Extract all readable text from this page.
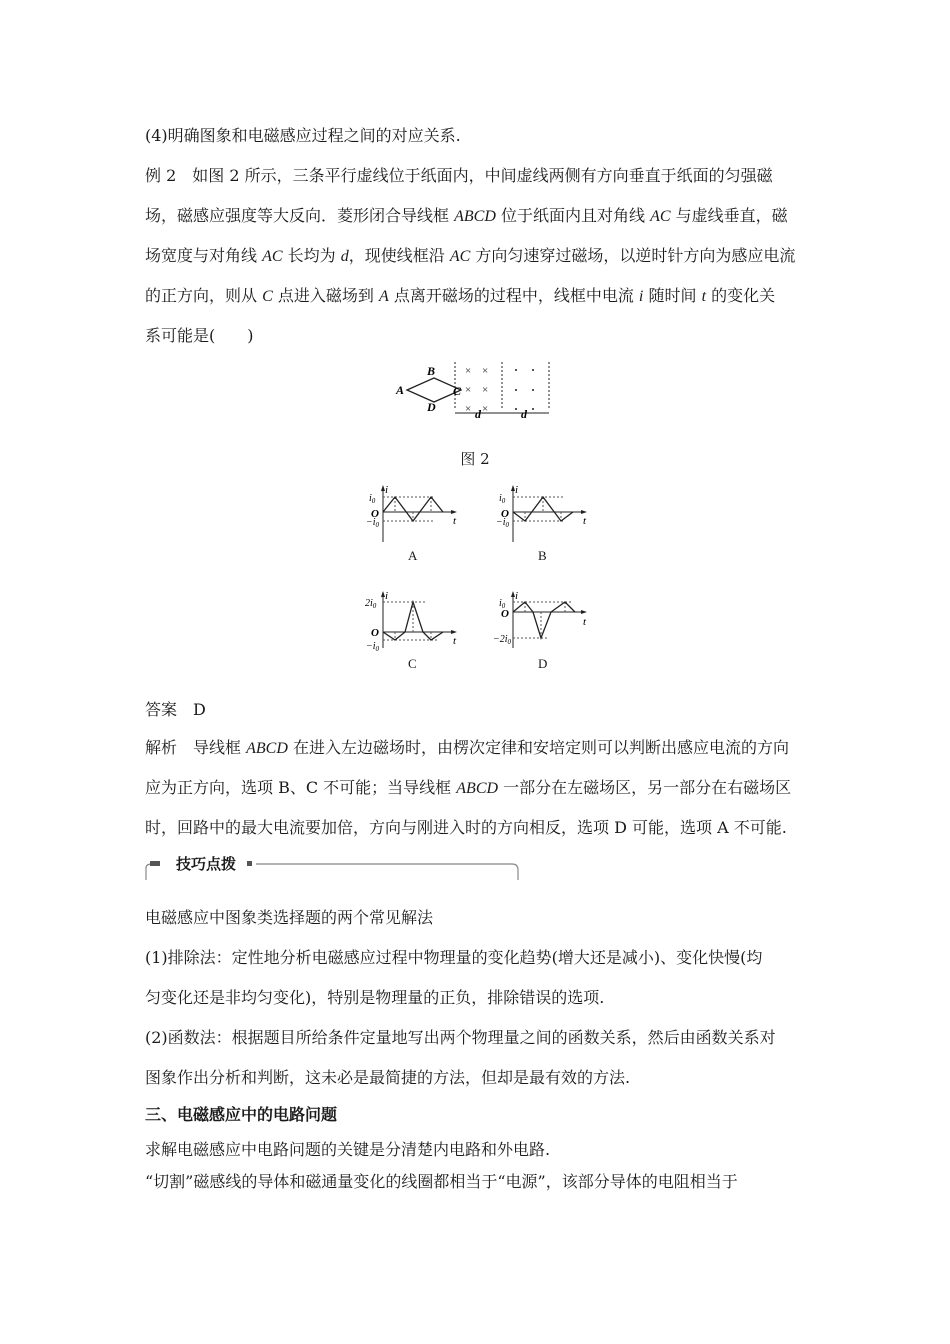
(4)明确图象和电磁感应过程之间的对应关系.
例 2　如图 2 所示，三条平行虚线位于纸面内，中间虚线两侧有方向垂直于纸面的匀强磁
场，磁感应强度等大反向．菱形闭合导线框 ABCD 位于纸面内且对角线 AC 与虚线垂直，磁
场宽度与对角线 AC 长均为 d，现使线框沿 AC 方向匀速穿过磁场，以逆时针方向为感应电流
的正方向，则从 C 点进入磁场到 A 点离开磁场的过程中，线框中电流 i 随时间 t 的变化关
系可能是(　　)
× ×
× ×
× ×
A
B
C
D	d	d
图 2
i
t
O
$i_0$
$-i_0$
A
i
t
O
$i_0$
$-i_0$
B
i
t
O
$2i_0$
$-i_0$
C
i
t
O
$i_0$
$-2i_0$
D
答案　D
解析　导线框 ABCD 在进入左边磁场时，由楞次定律和安培定则可以判断出感应电流的方向
应为正方向，选项 B、C 不可能；当导线框 ABCD 一部分在左磁场区，另一部分在右磁场区
时，回路中的最大电流要加倍，方向与刚进入时的方向相反，选项 D 可能，选项 A 不可能.
技巧点拨
电磁感应中图象类选择题的两个常见解法
(1)排除法：定性地分析电磁感应过程中物理量的变化趋势(增大还是减小)、变化快慢(均
匀变化还是非均匀变化)，特别是物理量的正负，排除错误的选项.
(2)函数法：根据题目所给条件定量地写出两个物理量之间的函数关系，然后由函数关系对
图象作出分析和判断，这未必是最简捷的方法，但却是最有效的方法.
三、电磁感应中的电路问题
求解电磁感应中电路问题的关键是分清楚内电路和外电路.
“切割”磁感线的导体和磁通量变化的线圈都相当于“电源”，该部分导体的电阻相当于
